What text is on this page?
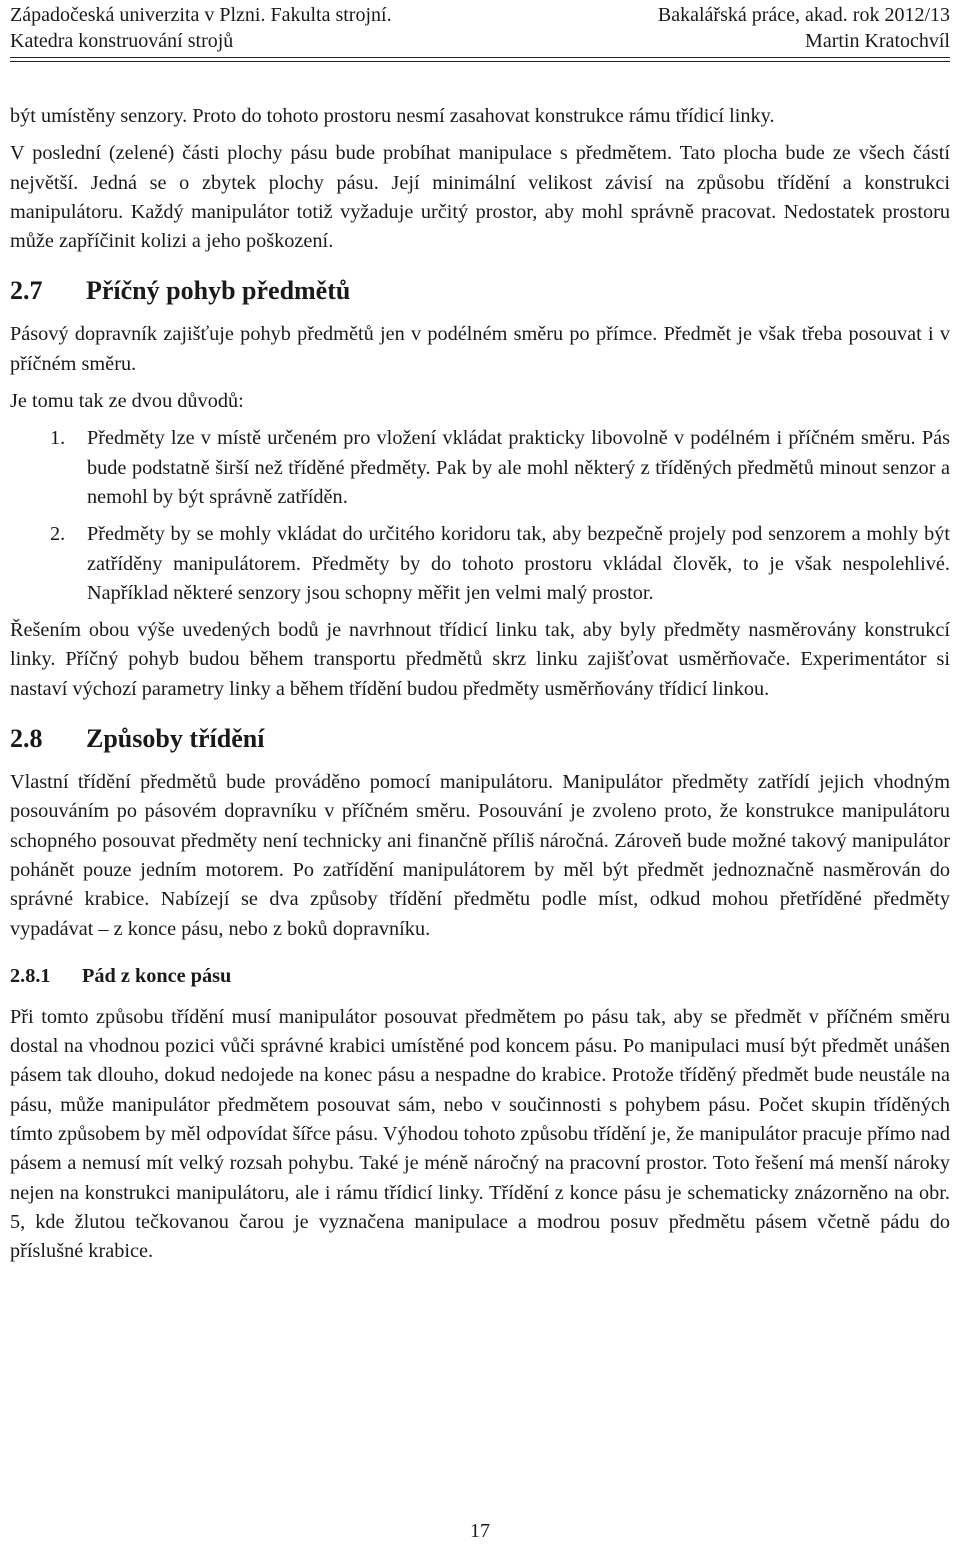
Západočeská univerzita v Plzni. Fakulta strojní.	Bakalářská práce, akad. rok 2012/13
Katedra konstruování strojů	Martin Kratochvíl

být umístěny senzory. Proto do tohoto prostoru nesmí zasahovat konstrukce rámu třídicí linky.

V poslední (zelené) části plochy pásu bude probíhat manipulace s předmětem. Tato plocha bude ze všech částí největší. Jedná se o zbytek plochy pásu. Její minimální velikost závisí na způsobu třídění a konstrukci manipulátoru. Každý manipulátor totiž vyžaduje určitý prostor, aby mohl správně pracovat. Nedostatek prostoru může zapříčinit kolizi a jeho poškození.

2.7	Příčný pohyb předmětů

Pásový dopravník zajišťuje pohyb předmětů jen v podélném směru po přímce. Předmět je však třeba posouvat i v příčném směru.

Je tomu tak ze dvou důvodů:

1. Předměty lze v místě určeném pro vložení vkládat prakticky libovolně v podélném i příčném směru. Pás bude podstatně širší než tříděné předměty. Pak by ale mohl některý z tříděných předmětů minout senzor a nemohl by být správně zatříděn.
2. Předměty by se mohly vkládat do určitého koridoru tak, aby bezpečně projely pod senzorem a mohly být zatříděny manipulátorem. Předměty by do tohoto prostoru vkládal člověk, to je však nespolehlivé. Například některé senzory jsou schopny měřit jen velmi malý prostor.

Řešením obou výše uvedených bodů je navrhnout třídicí linku tak, aby byly předměty nasměrovány konstrukcí linky. Příčný pohyb budou během transportu předmětů skrz linku zajišťovat usměrňovače. Experimentátor si nastaví výchozí parametry linky a během třídění budou předměty usměrňovány třídicí linkou.

2.8	Způsoby třídění

Vlastní třídění předmětů bude prováděno pomocí manipulátoru. Manipulátor předměty zatřídí jejich vhodným posouváním po pásovém dopravníku v příčném směru. Posouvání je zvoleno proto, že konstrukce manipulátoru schopného posouvat předměty není technicky ani finančně příliš náročná. Zároveň bude možné takový manipulátor pohánět pouze jedním motorem. Po zatřídění manipulátorem by měl být předmět jednoznačně nasměrován do správné krabice. Nabízejí se dva způsoby třídění předmětu podle míst, odkud mohou přetříděné předměty vypadávat – z konce pásu, nebo z boků dopravníku.

2.8.1	Pád z konce pásu

Při tomto způsobu třídění musí manipulátor posouvat předmětem po pásu tak, aby se předmět v příčném směru dostal na vhodnou pozici vůči správné krabici umístěné pod koncem pásu. Po manipulaci musí být předmět unášen pásem tak dlouho, dokud nedojede na konec pásu a nespadne do krabice. Protože tříděný předmět bude neustále na pásu, může manipulátor předmětem posouvat sám, nebo v součinnosti s pohybem pásu. Počet skupin tříděných tímto způsobem by měl odpovídat šířce pásu. Výhodou tohoto způsobu třídění je, že manipulátor pracuje přímo nad pásem a nemusí mít velký rozsah pohybu. Také je méně náročný na pracovní prostor. Toto řešení má menší nároky nejen na konstrukci manipulátoru, ale i rámu třídicí linky. Třídění z konce pásu je schematicky znázorněno na obr. 5, kde žlutou tečkovanou čarou je vyznačena manipulace a modrou posuv předmětu pásem včetně pádu do příslušné krabice.

17
